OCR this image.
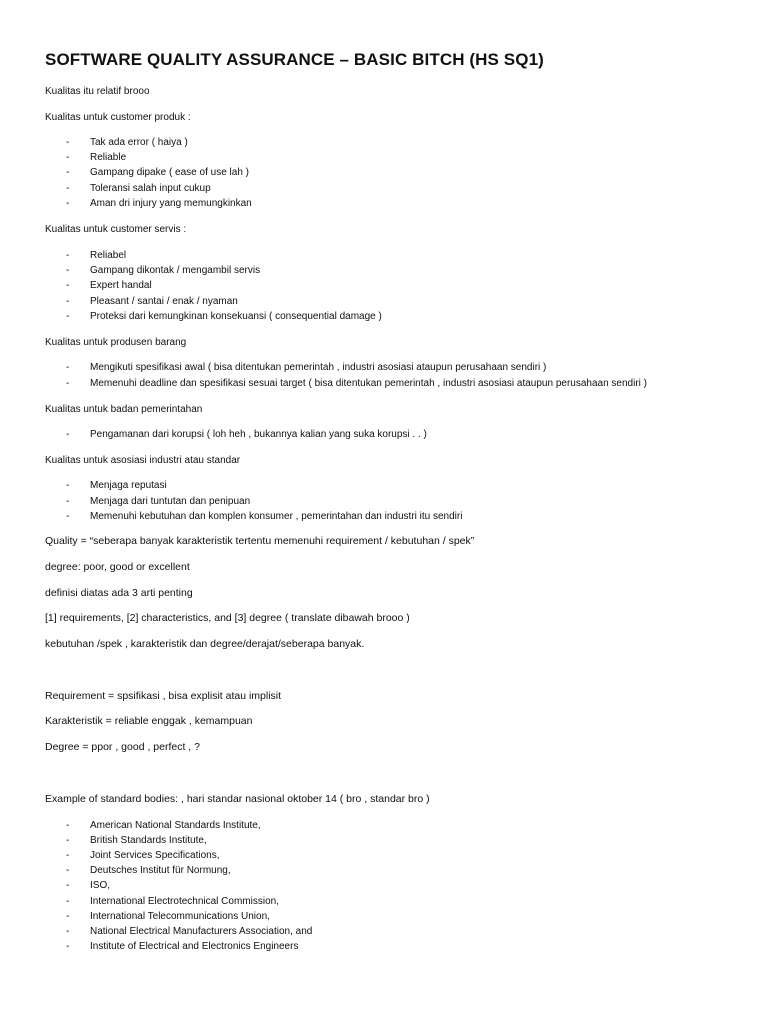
SOFTWARE QUALITY ASSURANCE – BASIC BITCH (HS SQ1)

Kualitas itu relatif brooo

Kualitas untuk customer produk :

- Tak ada error ( haiya )
- Reliable
- Gampang dipake ( ease of use lah )
- Toleransi salah input cukup
- Aman dri injury yang memungkinkan

Kualitas untuk customer servis :

- Reliabel
- Gampang dikontak / mengambil servis
- Expert handal
- Pleasant / santai / enak / nyaman
- Proteksi dari kemungkinan konsekuansi ( consequential damage )

Kualitas untuk produsen barang

- Mengikuti spesifikasi awal ( bisa ditentukan pemerintah , industri asosiasi ataupun perusahaan sendiri )
- Memenuhi deadline dan spesifikasi sesuai target ( bisa ditentukan pemerintah , industri asosiasi ataupun perusahaan sendiri )

Kualitas untuk badan pemerintahan

- Pengamanan dari korupsi ( loh heh , bukannya kalian yang suka korupsi . . )

Kualitas untuk asosiasi industri atau standar

- Menjaga reputasi
- Menjaga dari tuntutan dan penipuan
- Memenuhi kebutuhan dan komplen konsumer , pemerintahan dan industri itu sendiri

Quality = “seberapa banyak karakteristik tertentu memenuhi requirement / kebutuhan / spek”

degree: poor, good or excellent

definisi diatas ada 3 arti penting

[1] requirements, [2] characteristics, and [3] degree ( translate dibawah brooo )

kebutuhan /spek , karakteristik dan degree/derajat/seberapa banyak.

Requirement = spsifikasi , bisa explisit atau implisit

Karakteristik = reliable enggak , kemampuan

Degree = ppor , good , perfect , ?

Example of standard bodies: , hari standar nasional oktober 14 ( bro , standar bro )

- American National Standards Institute,
- British Standards Institute,
- Joint Services Specifications,
- Deutsches Institut für Normung,
- ISO,
- International Electrotechnical Commission,
- International Telecommunications Union,
- National Electrical Manufacturers Association, and
- Institute of Electrical and Electronics Engineers
